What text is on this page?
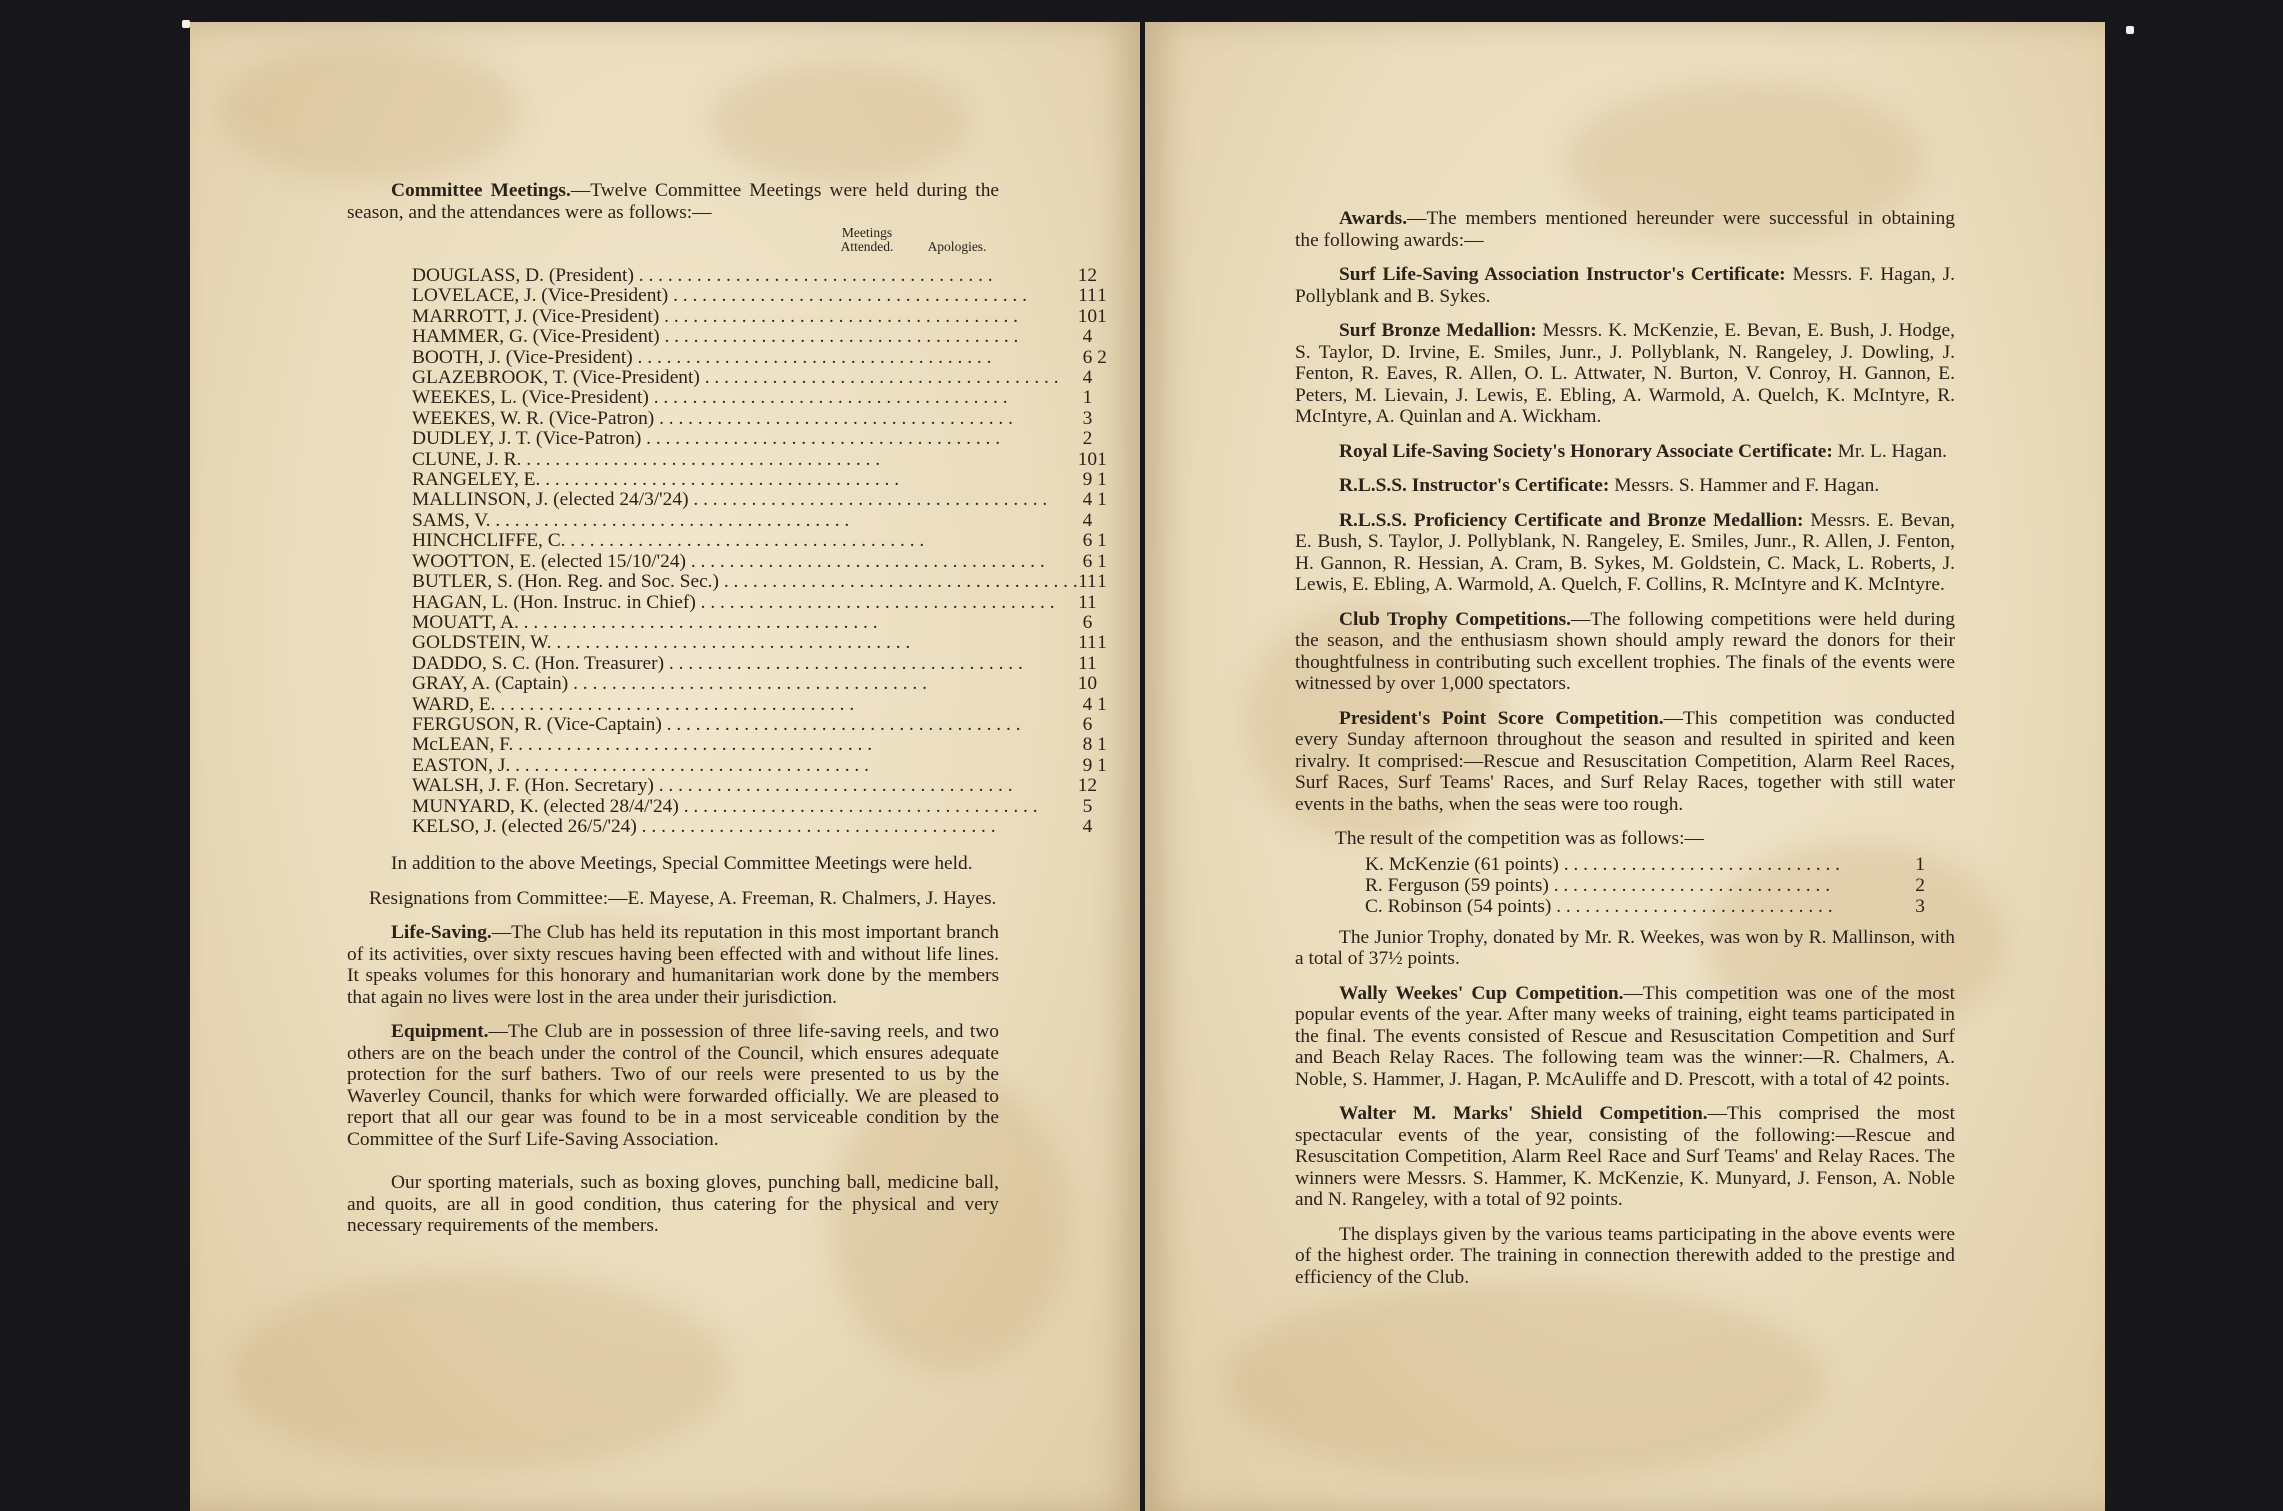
Committee Meetings.—Twelve Committee Meetings were held during the season, and the attendances were as follows:—

Meetings
Attended.	Apologies.
DOUGLASS, D. (President) . . .	12	
LOVELACE, J. (Vice-President) . . .	11	1
MARROTT, J. (Vice-President) . . .	10	1
HAMMER, G. (Vice-President) . . .	4	
BOOTH, J. (Vice-President) . . .	6	2
GLAZEBROOK, T. (Vice-President) . . .	4	
WEEKES, L. (Vice-President) . . .	1	
WEEKES, W. R. (Vice-Patron) . . .	3	
DUDLEY, J. T. (Vice-Patron) . . .	2	
CLUNE, J. R. . . .	10	1
RANGELEY, E. . . .	9	1
MALLINSON, J. (elected 24/3/'24) . . .	4	1
SAMS, V. . . .	4	
HINCHCLIFFE, C. . . .	6	1
WOOTTON, E. (elected 15/10/'24) . . .	6	1
BUTLER, S. (Hon. Reg. and Soc. Sec.) . . .	11	1
HAGAN, L. (Hon. Instruc. in Chief) . . .	11	
MOUATT, A. . . .	6	
GOLDSTEIN, W. . . .	11	1
DADDO, S. C. (Hon. Treasurer) . . .	11	
GRAY, A. (Captain) . . .	10	
WARD, E. . . .	4	1
FERGUSON, R. (Vice-Captain) . . .	6	
McLEAN, F. . . .	8	1
EASTON, J. . . .	9	1
WALSH, J. F. (Hon. Secretary) . . .	12	
MUNYARD, K. (elected 28/4/'24) . . .	5	
KELSO, J. (elected 26/5/'24) . . .	4	

In addition to the above Meetings, Special Committee Meetings were held.

Resignations from Committee:—E. Mayese, A. Freeman, R. Chalmers, J. Hayes.

Life-Saving.—The Club has held its reputation in this most important branch of its activities, over sixty rescues having been effected with and without life lines. It speaks volumes for this honorary and humanitarian work done by the members that again no lives were lost in the area under their jurisdiction.

Equipment.—The Club are in possession of three life-saving reels, and two others are on the beach under the control of the Council, which ensures adequate protection for the surf bathers. Two of our reels were presented to us by the Waverley Council, thanks for which were forwarded officially. We are pleased to report that all our gear was found to be in a most serviceable condition by the Committee of the Surf Life-Saving Association.

Our sporting materials, such as boxing gloves, punching ball, medicine ball, and quoits, are all in good condition, thus catering for the physical and very necessary requirements of the members.

Awards.—The members mentioned hereunder were successful in obtaining the following awards:—

Surf Life-Saving Association Instructor's Certificate: Messrs. F. Hagan, J. Pollyblank and B. Sykes.

Surf Bronze Medallion: Messrs. K. McKenzie, E. Bevan, E. Bush, J. Hodge, S. Taylor, D. Irvine, E. Smiles, Junr., J. Pollyblank, N. Rangeley, J. Dowling, J. Fenton, R. Eaves, R. Allen, O. L. Attwater, N. Burton, V. Conroy, H. Gannon, E. Peters, M. Lievain, J. Lewis, E. Ebling, A. Warmold, A. Quelch, K. McIntyre, R. McIntyre, A. Quinlan and A. Wickham.

Royal Life-Saving Society's Honorary Associate Certificate: Mr. L. Hagan.

R.L.S.S. Instructor's Certificate: Messrs. S. Hammer and F. Hagan.

R.L.S.S. Proficiency Certificate and Bronze Medallion: Messrs. E. Bevan, E. Bush, S. Taylor, J. Pollyblank, N. Rangeley, E. Smiles, Junr., R. Allen, J. Fenton, H. Gannon, R. Hessian, A. Cram, B. Sykes, M. Goldstein, C. Mack, L. Roberts, J. Lewis, E. Ebling, A. Warmold, A. Quelch, F. Collins, R. McIntyre and K. McIntyre.

Club Trophy Competitions.—The following competitions were held during the season, and the enthusiasm shown should amply reward the donors for their thoughtfulness in contributing such excellent trophies. The finals of the events were witnessed by over 1,000 spectators.

President's Point Score Competition.—This competition was conducted every Sunday afternoon throughout the season and resulted in spirited and keen rivalry. It comprised:—Rescue and Resuscitation Competition, Alarm Reel Races, Surf Races, Surf Teams' Races, and Surf Relay Races, together with still water events in the baths, when the seas were too rough.

The result of the competition was as follows:—

K. McKenzie (61 points) . . .	1
R. Ferguson (59 points) . . .	2
C. Robinson (54 points) . . .	3

The Junior Trophy, donated by Mr. R. Weekes, was won by R. Mallinson, with a total of 37½ points.

Wally Weekes' Cup Competition.—This competition was one of the most popular events of the year. After many weeks of training, eight teams participated in the final. The events consisted of Rescue and Resuscitation Competition and Surf and Beach Relay Races. The following team was the winner:—R. Chalmers, A. Noble, S. Hammer, J. Hagan, P. McAuliffe and D. Prescott, with a total of 42 points.

Walter M. Marks' Shield Competition.—This comprised the most spectacular events of the year, consisting of the following:—Rescue and Resuscitation Competition, Alarm Reel Race and Surf Teams' and Relay Races. The winners were Messrs. S. Hammer, K. McKenzie, K. Munyard, J. Fenson, A. Noble and N. Rangeley, with a total of 92 points.

The displays given by the various teams participating in the above events were of the highest order. The training in connection therewith added to the prestige and efficiency of the Club.
